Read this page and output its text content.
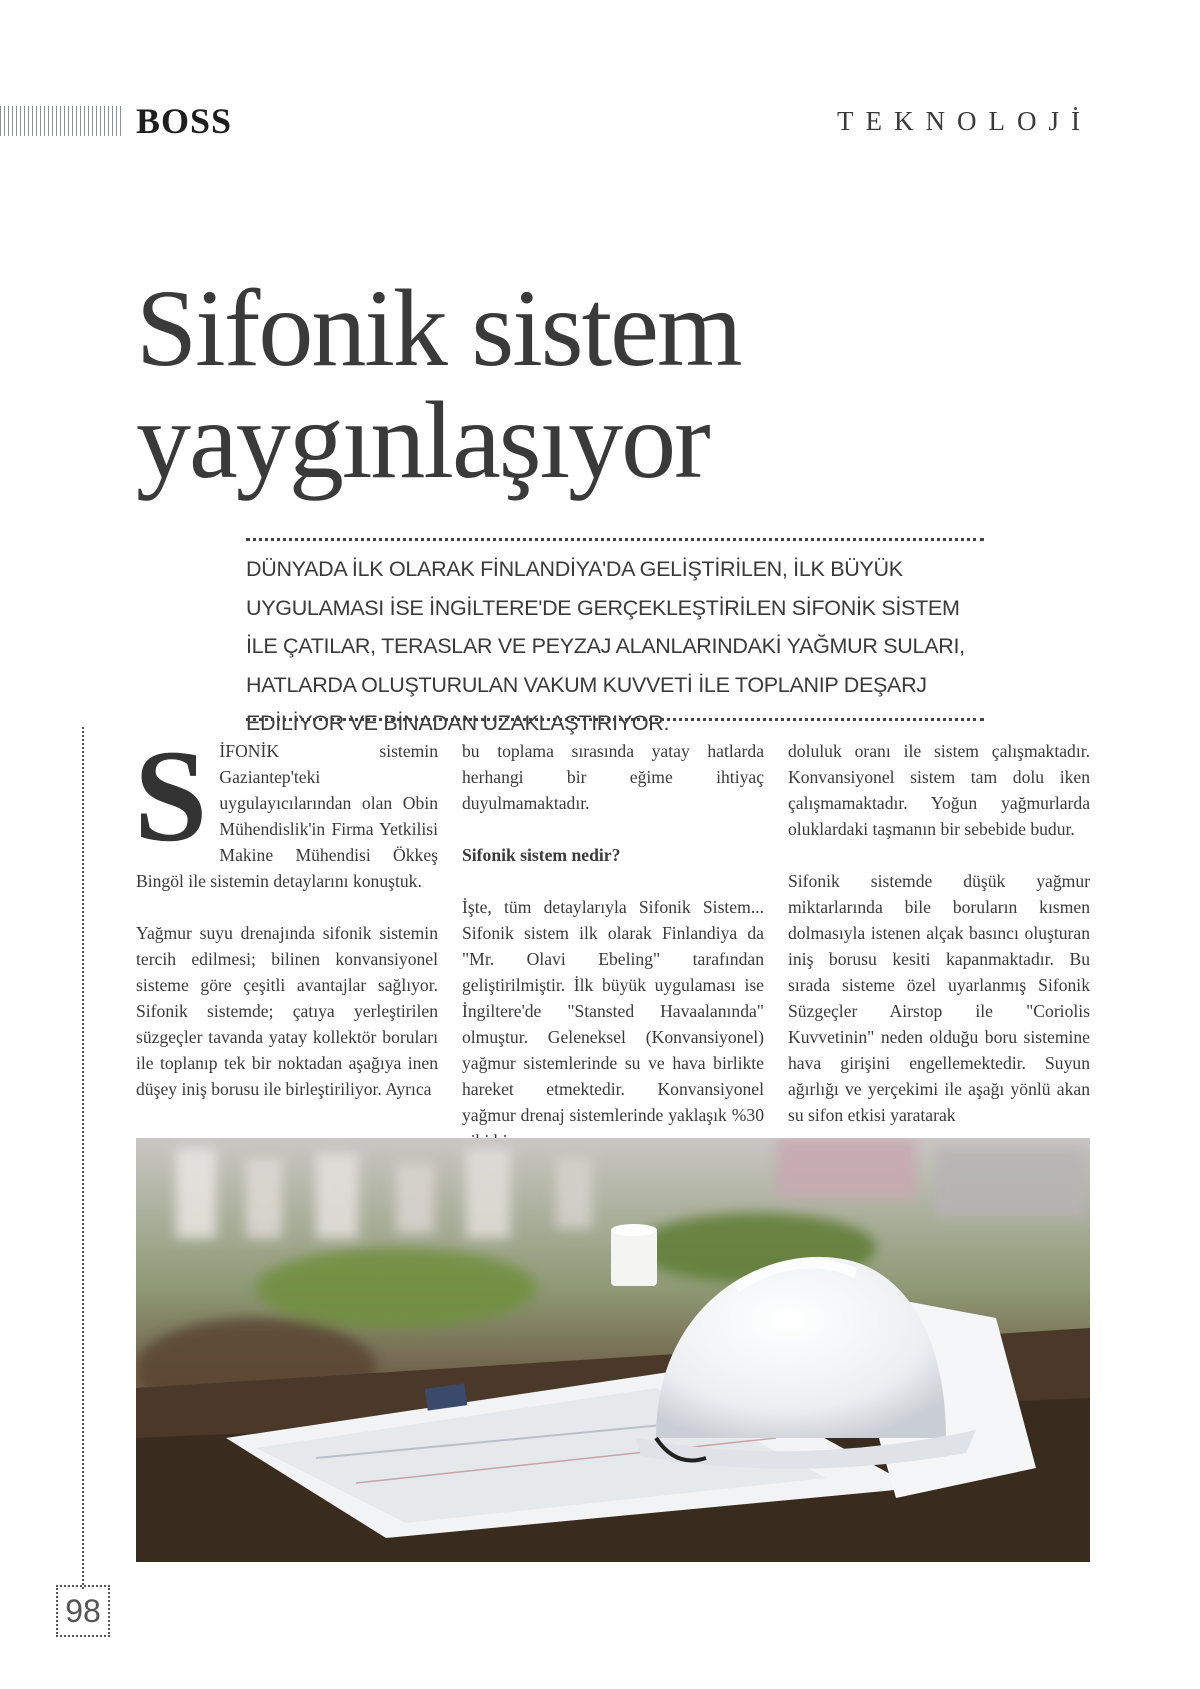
BOSS	TEKNOLOJİ
Sifonik sistem
yaygınlaşıyor

DÜNYADA İLK OLARAK FİNLANDİYA'DA GELİŞTİRİLEN, İLK BÜYÜK UYGULAMASI İSE İNGİLTERE'DE GERÇEKLEŞTİRİLEN SİFONİK SİSTEM İLE ÇATILAR, TERASLAR VE PEYZAJ ALANLARINDAKİ YAĞMUR SULARI, HATLARDA OLUŞTURULAN VAKUM KUVVETİ İLE TOPLANIP DEŞARJ EDİLİYOR VE BİNADAN UZAKLAŞTIRIYOR.

SİFONİK sistemin Gaziantep'teki uygulayıcılarından olan Obin Mühendislik'in Firma Yetkilisi Makine Mühendisi Ökkeş Bingöl ile sistemin detaylarını konuştuk.

Yağmur suyu drenajında sifonik sistemin tercih edilmesi; bilinen konvansiyonel sisteme göre çeşitli avantajlar sağlıyor. Sifonik sistemde; çatıya yerleştirilen süzgeçler tavanda yatay kollektör boruları ile toplanıp tek bir noktadan aşağıya inen düşey iniş borusu ile birleştiriliyor. Ayrıca

bu toplama sırasında yatay hatlarda herhangi bir eğime ihtiyaç duyulmamaktadır.

Sifonik sistem nedir?

İşte, tüm detaylarıyla Sifonik Sistem... Sifonik sistem ilk olarak Finlandiya da "Mr. Olavi Ebeling" tarafından geliştirilmiştir. İlk büyük uygulaması ise İngiltere'de "Stansted Havaalanında" olmuştur. Geleneksel (Konvansiyonel) yağmur sistemlerinde su ve hava birlikte hareket etmektedir. Konvansiyonel yağmur drenaj sistemlerinde yaklaşık %30

doluluk oranı ile sistem çalışmaktadır. Konvansiyonel sistem tam dolu iken çalışmamaktadır. Yoğun yağmurlarda oluklardaki taşmanın bir sebebide budur.

Sifonik sistemde düşük yağmur miktarlarında bile boruların kısmen dolmasıyla istenen alçak basıncı oluşturan iniş borusu kesiti kapanmaktadır. Bu sırada sisteme özel uyarlanmış Sifonik Süzgeçler Airstop ile "Coriolis Kuvvetinin" neden olduğu boru sistemine hava girişini engellemektedir. Suyun ağırlığı ve yerçekimi ile aşağı yönlü akan su sifon etkisi yaratarak

98
